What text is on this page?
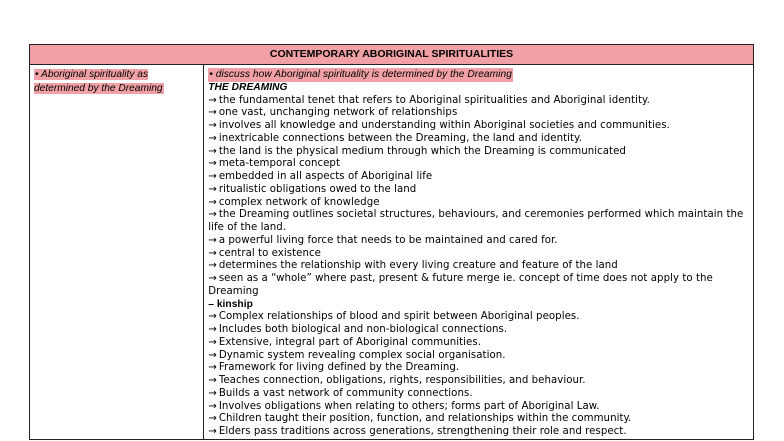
CONTEMPORARY ABORIGINAL SPIRITUALITIES

• Aboriginal spirituality as determined by the Dreaming

• discuss how Aboriginal spirituality is determined by the Dreaming
THE DREAMING
→ the fundamental tenet that refers to Aboriginal spiritualities and Aboriginal identity.
→ one vast, unchanging network of relationships
→ involves all knowledge and understanding within Aboriginal societies and communities.
→ inextricable connections between the Dreaming, the land and identity.
→ the land is the physical medium through which the Dreaming is communicated
→ meta-temporal concept
→ embedded in all aspects of Aboriginal life
→ ritualistic obligations owed to the land
→ complex network of knowledge
→ the Dreaming outlines societal structures, behaviours, and ceremonies performed which maintain the life of the land.
→ a powerful living force that needs to be maintained and cared for.
→ central to existence
→ determines the relationship with every living creature and feature of the land
→ seen as a “whole” where past, present & future merge ie. concept of time does not apply to the Dreaming
– kinship
→ Complex relationships of blood and spirit between Aboriginal peoples.
→ Includes both biological and non-biological connections.
→ Extensive, integral part of Aboriginal communities.
→ Dynamic system revealing complex social organisation.
→ Framework for living defined by the Dreaming.
→ Teaches connection, obligations, rights, responsibilities, and behaviour.
→ Builds a vast network of community connections.
→ Involves obligations when relating to others; forms part of Aboriginal Law.
→ Children taught their position, function, and relationships within the community.
→ Elders pass traditions across generations, strengthening their role and respect.
